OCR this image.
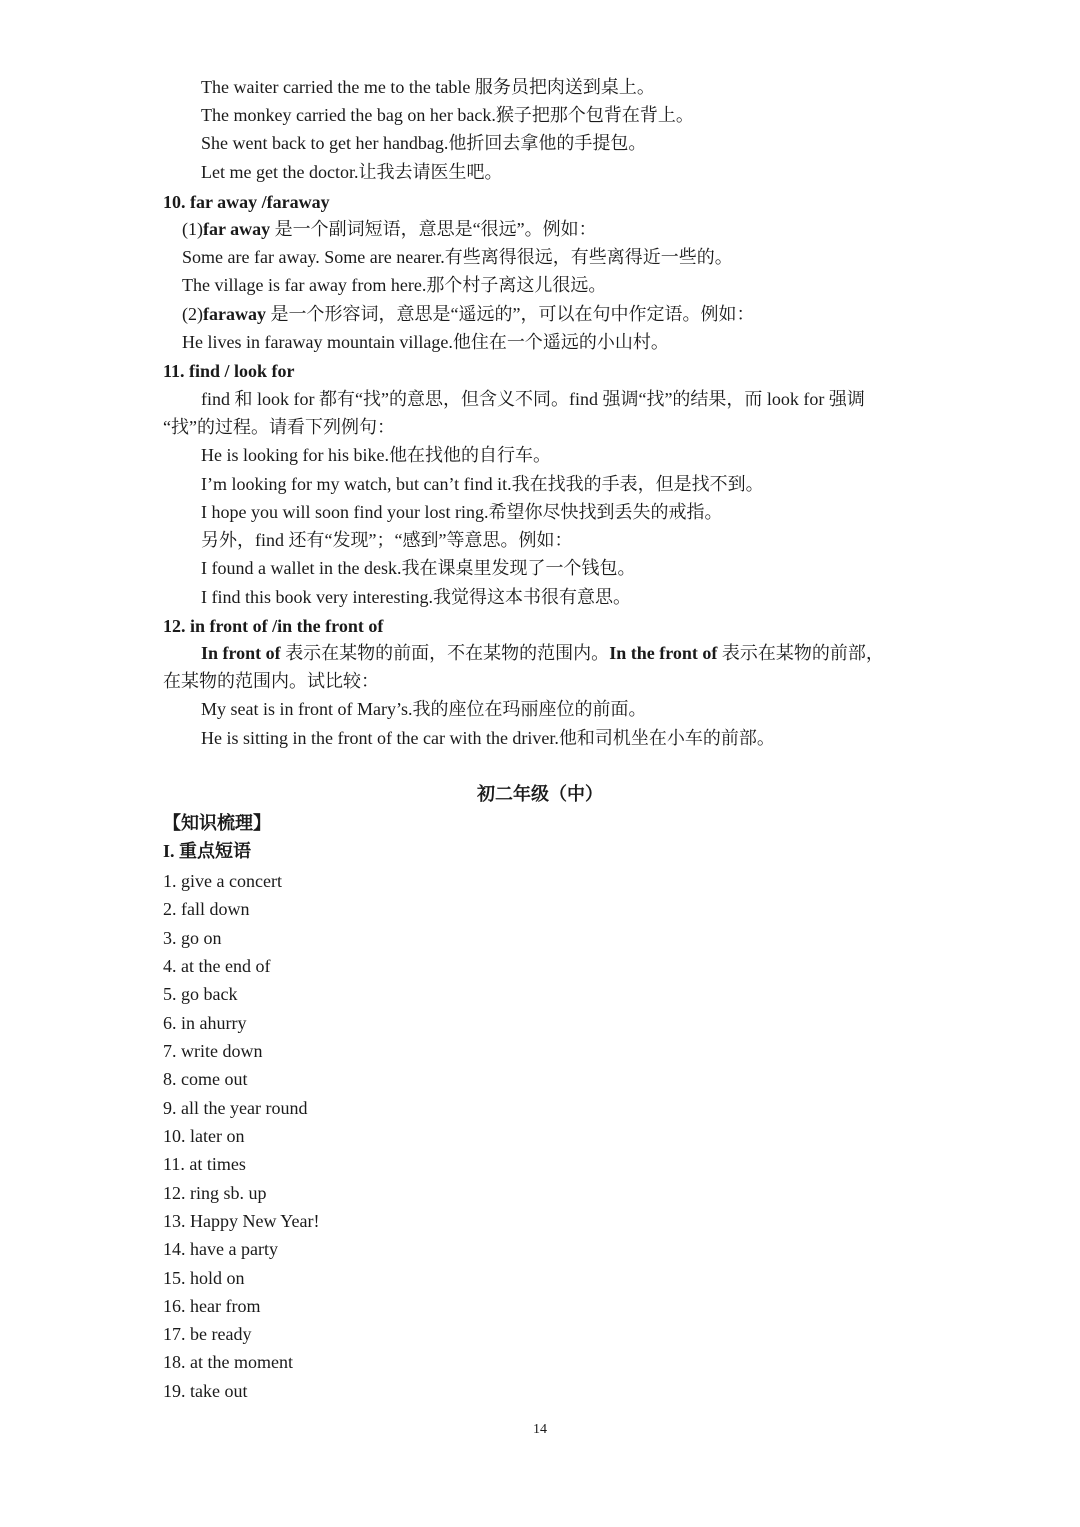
The waiter carried the me to the table 服务员把肉送到桌上。
The monkey carried the bag on her back.猴子把那个包背在背上。
She went back to get her handbag.他折回去拿他的手提包。
Let me get the doctor.让我去请医生吧。
10. far away /faraway
(1)far away 是一个副词短语，意思是“很远”。例如：
Some are far away. Some are nearer.有些离得很远，有些离得近一些的。
The village is far away from here.那个村子离这儿很远。
(2)faraway 是一个形容词，意思是“遥远的”，可以在句中作定语。例如：
He lives in faraway mountain village.他住在一个遥远的小山村。
11. find / look for
find 和 look for 都有“找”的意思，但含义不同。find 强调“找”的结果，而 look for 强调
“找”的过程。请看下列例句：
He is looking for his bike.他在找他的自行车。
I’m looking for my watch, but can’t find it.我在找我的手表，但是找不到。
I hope you will soon find your lost ring.希望你尽快找到丢失的戒指。
另外，find 还有“发现”；“感到”等意思。例如：
I found a wallet in the desk.我在课桌里发现了一个钱包。
I find this book very interesting.我觉得这本书很有意思。
12. in front of /in the front of
In front of 表示在某物的前面，不在某物的范围内。In the front of 表示在某物的前部，
在某物的范围内。试比较：
My seat is in front of Mary’s.我的座位在玛丽座位的前面。
He is sitting in the front of the car with the driver.他和司机坐在小车的前部。
初二年级（中）
【知识梳理】
I. 重点短语
1. give a concert
2. fall down
3. go on
4. at the end of
5. go back
6. in ahurry
7. write down
8. come out
9. all the year round
10. later on
11. at times
12. ring sb. up
13. Happy New Year!
14. have a party
15. hold on
16. hear from
17. be ready
18. at the moment
19. take out
14
